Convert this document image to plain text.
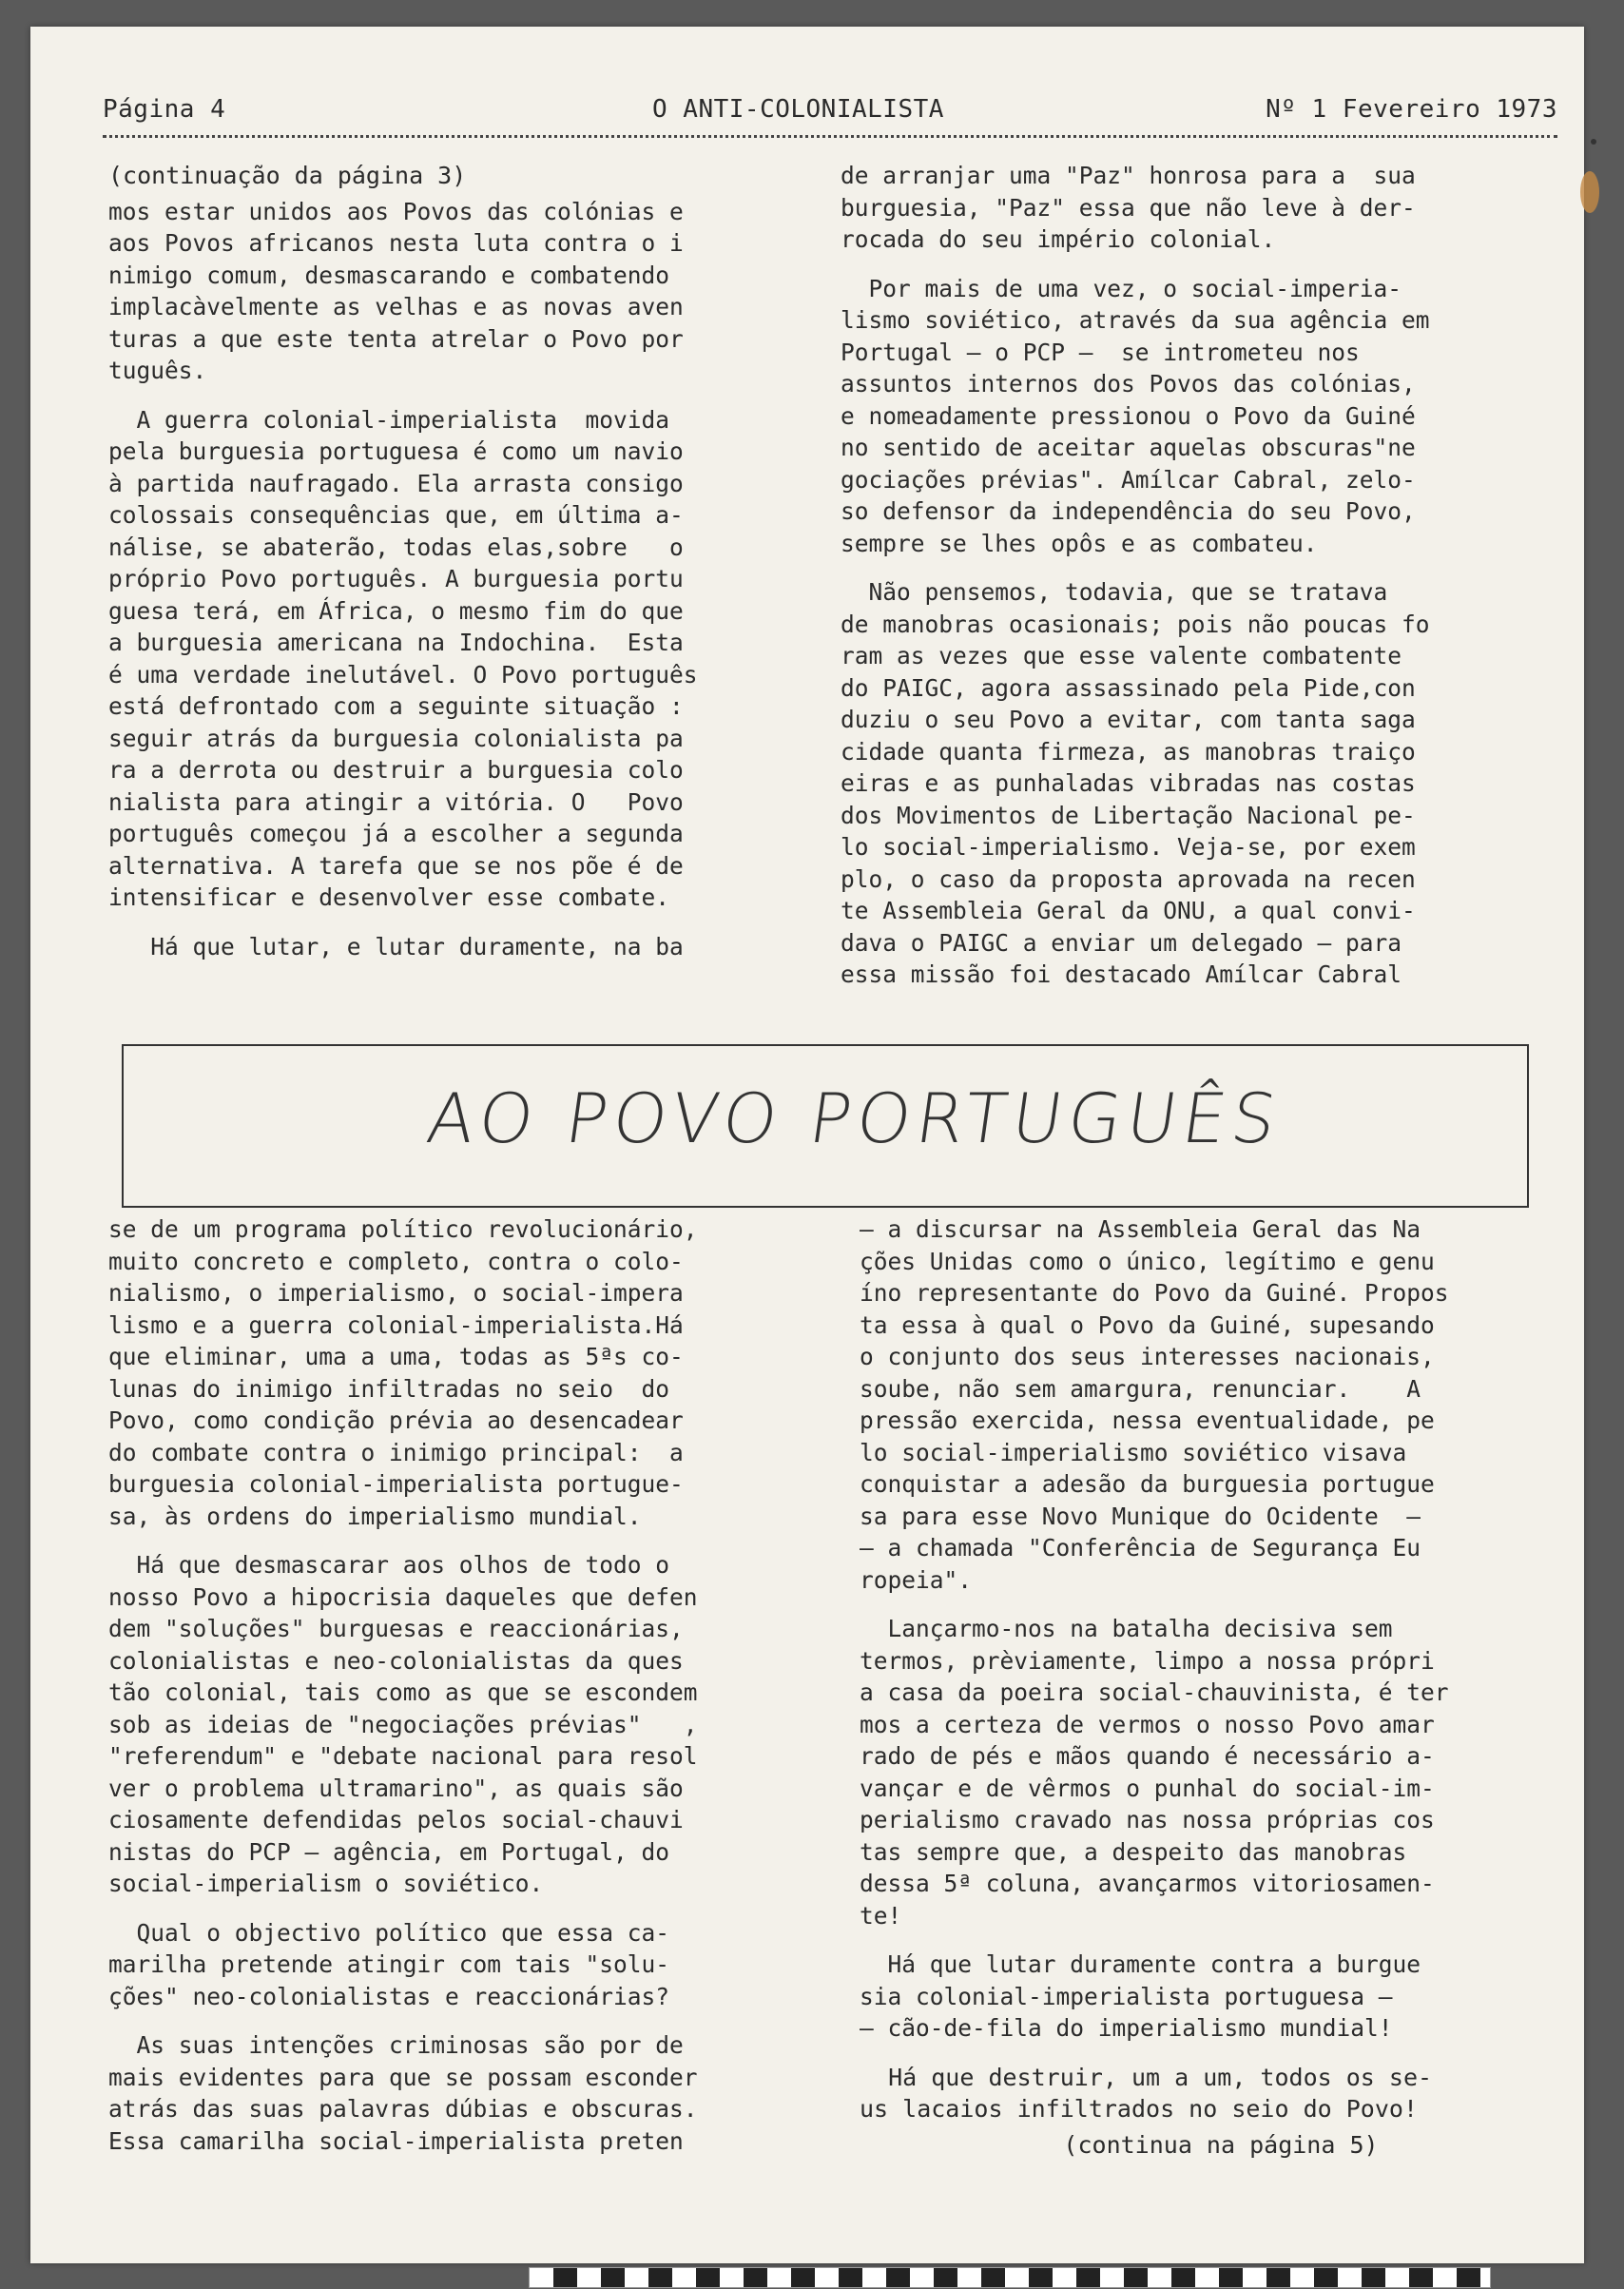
Página 4	O ANTI-COLONIALISTA	Nº 1 Fevereiro 1973

(continuação da página 3)

mos estar unidos aos Povos das colónias e
aos Povos africanos nesta luta contra o i
nimigo comum, desmascarando e combatendo
implacàvelmente as velhas e as novas aven
turas a que este tenta atrelar o Povo por
tuguês.

A guerra colonial-imperialista  movida
pela burguesia portuguesa é como um navio
à partida naufragado. Ela arrasta consigo
colossais consequências que, em última a-
nálise, se abaterão, todas elas,sobre   o
próprio Povo português. A burguesia portu
guesa terá, em África, o mesmo fim do que
a burguesia americana na Indochina.  Esta
é uma verdade inelutável. O Povo português
está defrontado com a seguinte situação :
seguir atrás da burguesia colonialista pa
ra a derrota ou destruir a burguesia colo
nialista para atingir a vitória. O   Povo
português começou já a escolher a segunda
alternativa. A tarefa que se nos põe é de
intensificar e desenvolver esse combate.

Há que lutar, e lutar duramente, na ba

de arranjar uma "Paz" honrosa para a  sua
burguesia, "Paz" essa que não leve à der-
rocada do seu império colonial.

Por mais de uma vez, o social-imperia-
lismo soviético, através da sua agência em
Portugal — o PCP —  se intrometeu nos
assuntos internos dos Povos das colónias,
e nomeadamente pressionou o Povo da Guiné
no sentido de aceitar aquelas obscuras"ne
gociações prévias". Amílcar Cabral, zelo-
so defensor da independência do seu Povo,
sempre se lhes opôs e as combateu.

Não pensemos, todavia, que se tratava
de manobras ocasionais; pois não poucas fo
ram as vezes que esse valente combatente
do PAIGC, agora assassinado pela Pide,con
duziu o seu Povo a evitar, com tanta saga
cidade quanta firmeza, as manobras traiço
eiras e as punhaladas vibradas nas costas
dos Movimentos de Libertação Nacional pe-
lo social-imperialismo. Veja-se, por exem
plo, o caso da proposta aprovada na recen
te Assembleia Geral da ONU, a qual convi-
dava o PAIGC a enviar um delegado — para
essa missão foi destacado Amílcar Cabral

AO POVO PORTUGUÊS

se de um programa político revolucionário,
muito concreto e completo, contra o colo-
nialismo, o imperialismo, o social-impera
lismo e a guerra colonial-imperialista.Há
que eliminar, uma a uma, todas as 5ªs co-
lunas do inimigo infiltradas no seio  do
Povo, como condição prévia ao desencadear
do combate contra o inimigo principal:  a
burguesia colonial-imperialista portugue-
sa, às ordens do imperialismo mundial.

Há que desmascarar aos olhos de todo o
nosso Povo a hipocrisia daqueles que defen
dem "soluções" burguesas e reaccionárias,
colonialistas e neo-colonialistas da ques
tão colonial, tais como as que se escondem
sob as ideias de "negociações prévias"   ,
"referendum" e "debate nacional para resol
ver o problema ultramarino", as quais são
ciosamente defendidas pelos social-chauvi
nistas do PCP — agência, em Portugal, do
social-imperialism o soviético.

Qual o objectivo político que essa ca-
marilha pretende atingir com tais "solu-
ções" neo-colonialistas e reaccionárias?

As suas intenções criminosas são por de
mais evidentes para que se possam esconder
atrás das suas palavras dúbias e obscuras.
Essa camarilha social-imperialista preten

— a discursar na Assembleia Geral das Na
ções Unidas como o único, legítimo e genu
íno representante do Povo da Guiné. Propos
ta essa à qual o Povo da Guiné, supesando
o conjunto dos seus interesses nacionais,
soube, não sem amargura, renunciar.    A
pressão exercida, nessa eventualidade, pe
lo social-imperialismo soviético visava
conquistar a adesão da burguesia portugue
sa para esse Novo Munique do Ocidente  —
— a chamada "Conferência de Segurança Eu
ropeia".

Lançarmo-nos na batalha decisiva sem
termos, prèviamente, limpo a nossa própri
a casa da poeira social-chauvinista, é ter
mos a certeza de vermos o nosso Povo amar
rado de pés e mãos quando é necessário a-
vançar e de vêrmos o punhal do social-im-
perialismo cravado nas nossa próprias cos
tas sempre que, a despeito das manobras
dessa 5ª coluna, avançarmos vitoriosamen-
te!

Há que lutar duramente contra a burgue
sia colonial-imperialista portuguesa —
— cão-de-fila do imperialismo mundial!

Há que destruir, um a um, todos os se-
us lacaios infiltrados no seio do Povo!

(continua na página 5)
